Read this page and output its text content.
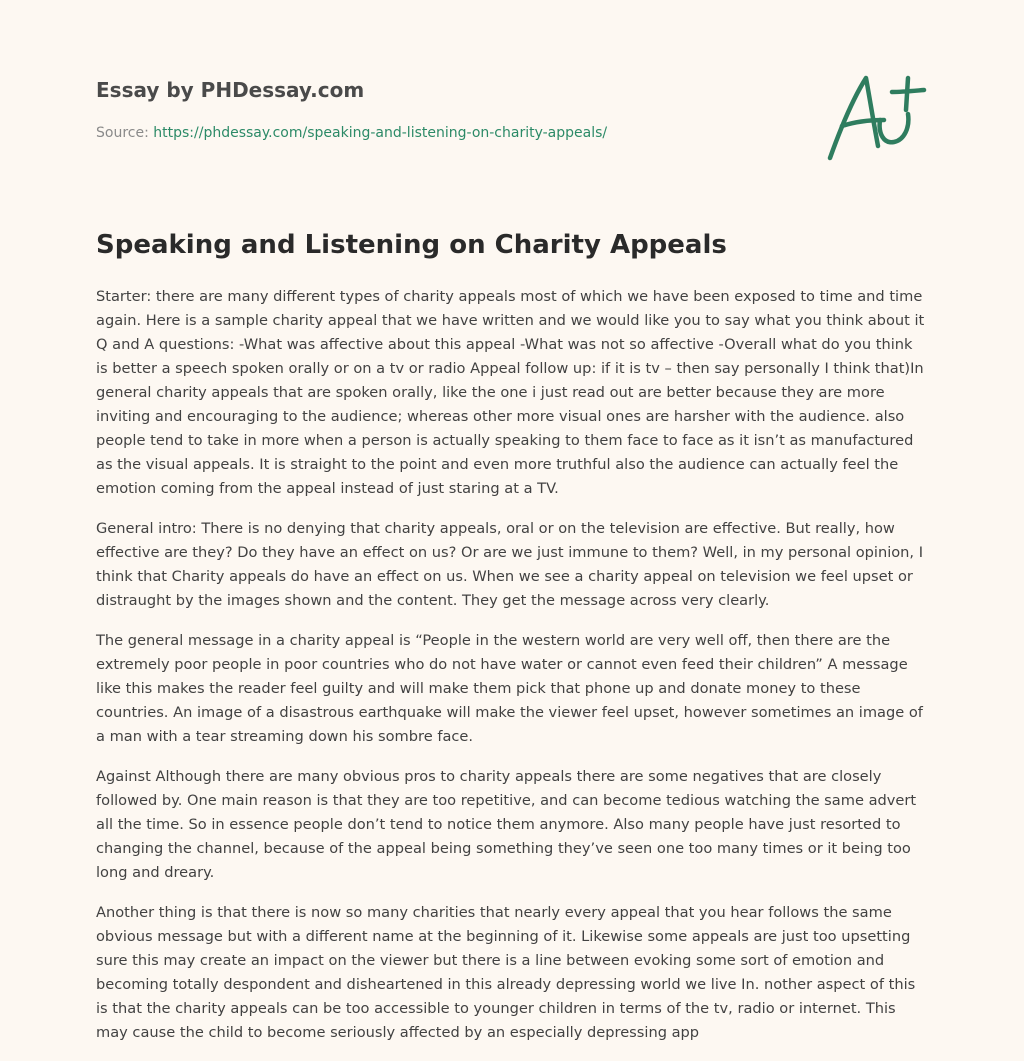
Essay by PHDessay.com
Source: https://phdessay.com/speaking-and-listening-on-charity-appeals/
Speaking and Listening on Charity Appeals

Starter: there are many different types of charity appeals most of which we have been exposed to time and time again. Here is a sample charity appeal that we have written and we would like you to say what you think about it Q and A questions: -What was affective about this appeal -What was not so affective -Overall what do you think is better a speech spoken orally or on a tv or radio Appeal follow up: if it is tv – then say personally I think that)In general charity appeals that are spoken orally, like the one i just read out are better because they are more inviting and encouraging to the audience; whereas other more visual ones are harsher with the audience. also people tend to take in more when a person is actually speaking to them face to face as it isn’t as manufactured as the visual appeals. It is straight to the point and even more truthful also the audience can actually feel the emotion coming from the appeal instead of just staring at a TV.

General intro: There is no denying that charity appeals, oral or on the television are effective. But really, how effective are they? Do they have an effect on us? Or are we just immune to them? Well, in my personal opinion, I think that Charity appeals do have an effect on us. When we see a charity appeal on television we feel upset or distraught by the images shown and the content. They get the message across very clearly.

The general message in a charity appeal is “People in the western world are very well off, then there are the extremely poor people in poor countries who do not have water or cannot even feed their children” A message like this makes the reader feel guilty and will make them pick that phone up and donate money to these countries. An image of a disastrous earthquake will make the viewer feel upset, however sometimes an image of a man with a tear streaming down his sombre face.

Against Although there are many obvious pros to charity appeals there are some negatives that are closely followed by. One main reason is that they are too repetitive, and can become tedious watching the same advert all the time. So in essence people don’t tend to notice them anymore. Also many people have just resorted to changing the channel, because of the appeal being something they’ve seen one too many times or it being too long and dreary.

Another thing is that there is now so many charities that nearly every appeal that you hear follows the same obvious message but with a different name at the beginning of it. Likewise some appeals are just too upsetting sure this may create an impact on the viewer but there is a line between evoking some sort of emotion and becoming totally despondent and disheartened in this already depressing world we live In. nother aspect of this is that the charity appeals can be too accessible to younger children in terms of the tv, radio or internet. This may cause the child to become seriously affected by an especially depressing app
